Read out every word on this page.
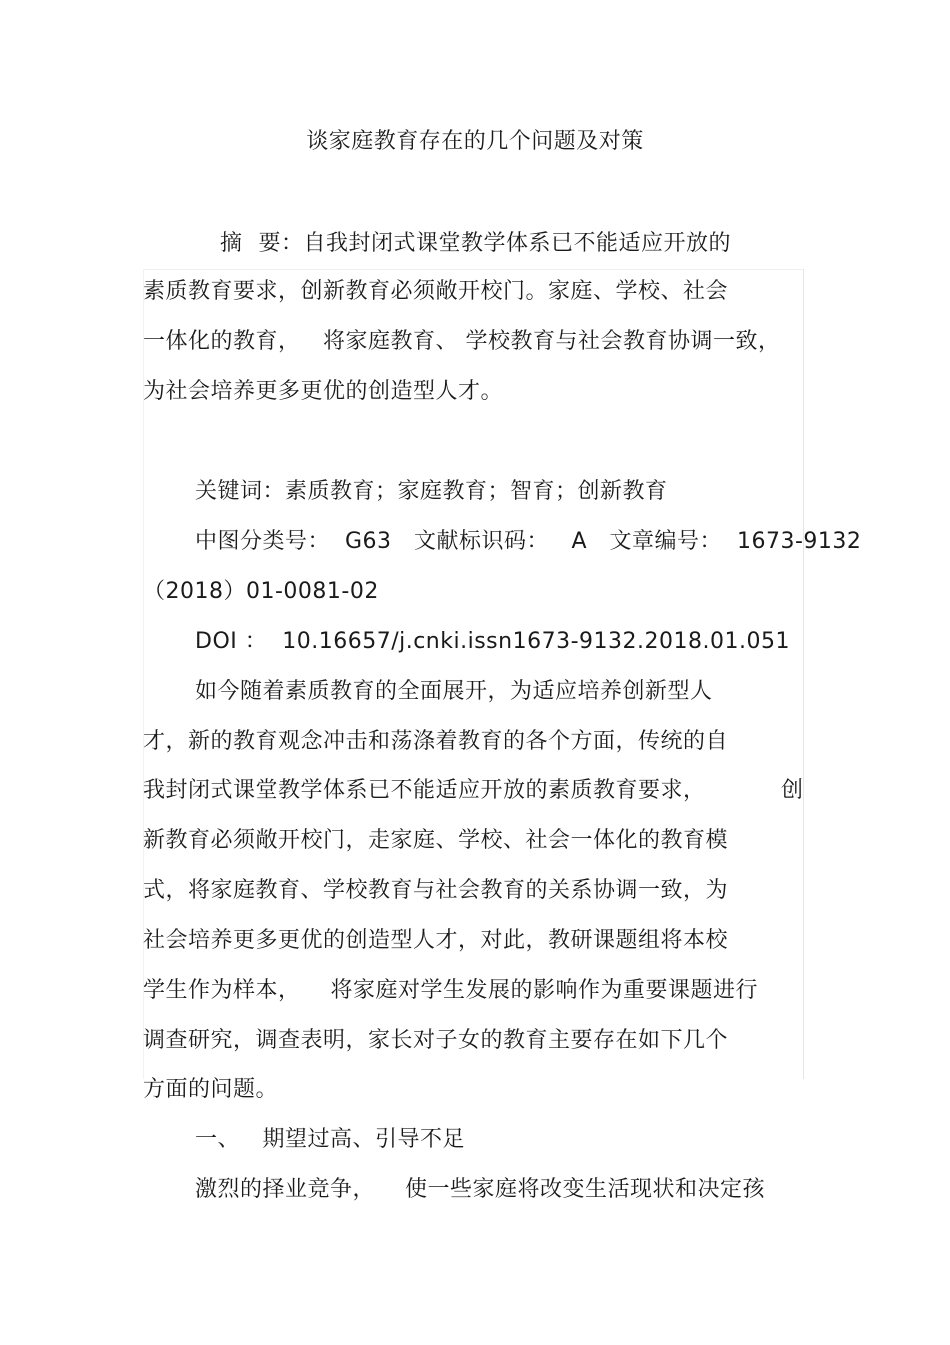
谈家庭教育存在的几个问题及对策
摘 要：自我封闭式课堂教学体系已不能适应开放的
素质教育要求，创新教育必须敞开校门。家庭、学校、社会
一体化的教育，   将家庭教育、 学校教育与社会教育协调一致，
为社会培养更多更优的创造型人才。
关键词：素质教育；家庭教育；智育；创新教育
中图分类号：  G63   文献标识码：   A   文章编号：  1673-9132
（2018）01-0081-02
DOI ：  10.16657/j.cnki.issn1673-9132.2018.01.051
如今随着素质教育的全面展开，为适应培养创新型人
才，新的教育观念冲击和荡涤着教育的各个方面，传统的自
我封闭式课堂教学体系已不能适应开放的素质教育要求，	创
新教育必须敞开校门，走家庭、学校、社会一体化的教育模
式，将家庭教育、学校教育与社会教育的关系协调一致，为
社会培养更多更优的创造型人才，对此，教研课题组将本校
学生作为样本，    将家庭对学生发展的影响作为重要课题进行
调查研究，调查表明，家长对子女的教育主要存在如下几个
方面的问题。
一、   期望过高、引导不足
激烈的择业竞争，    使一些家庭将改变生活现状和决定孩
